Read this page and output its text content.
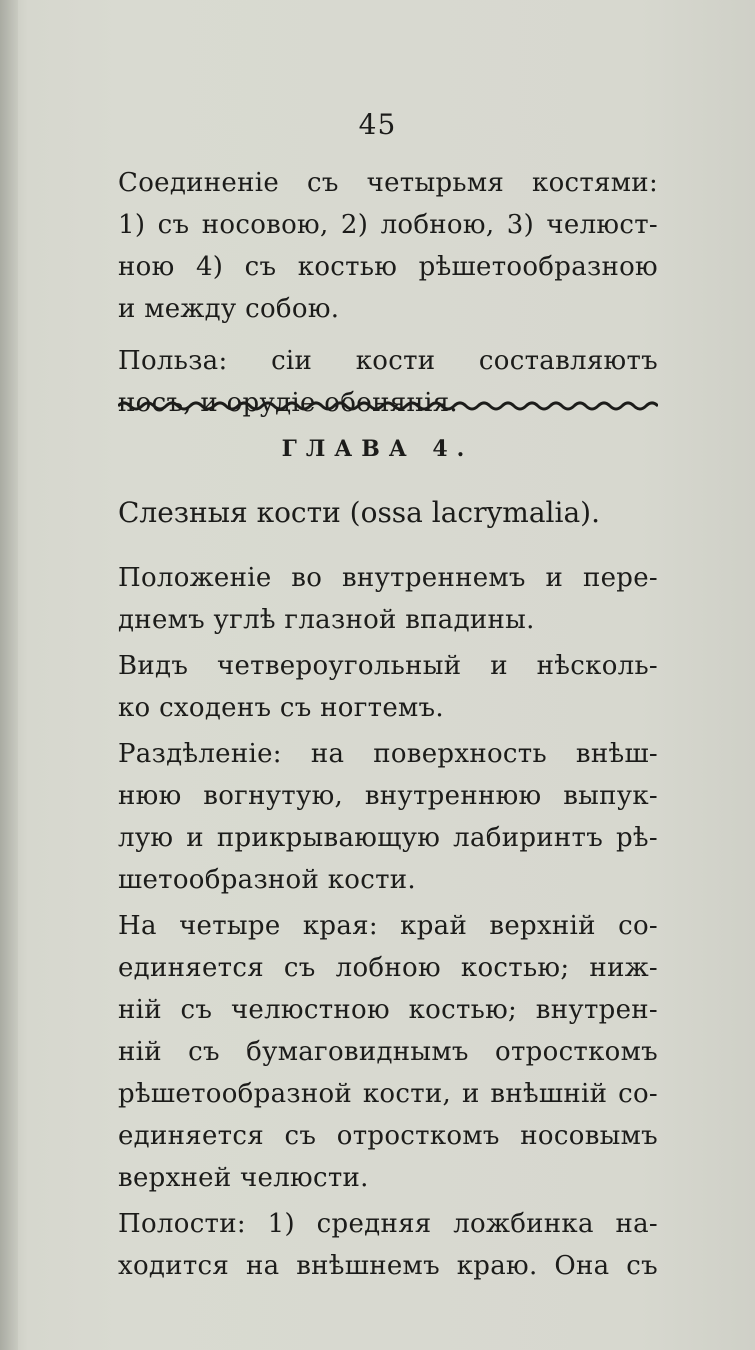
45
Соединеніе съ четырьмя костями:
1) съ носовою, 2) лобною, 3) челюст-
ною 4) съ костью рѣшетообразною
и между собою.
Польза: сіи кости составляютъ
носъ, и орудіе обонянія.
ГЛАВА 4.
Слезныя кости (ossa lacrymalia).
Положеніе во внутреннемъ и пере-
днемъ углѣ глазной впадины.
Видъ четвероугольный и нѣсколь-
ко сходенъ съ ногтемъ.
Раздѣленіе: на поверхность внѣш-
нюю вогнутую, внутреннюю выпук-
лую и прикрывающую лабиринтъ рѣ-
шетообразной кости.
На четыре края: край верхній со-
единяется съ лобною костью; ниж-
ній съ челюстною костью; внутрен-
ній съ бумаговиднымъ отросткомъ
рѣшетообразной кости, и внѣшній со-
единяется съ отросткомъ носовымъ
верхней челюсти.
Полости: 1) средняя ложбинка на-
ходится на внѣшнемъ краю. Она съ
